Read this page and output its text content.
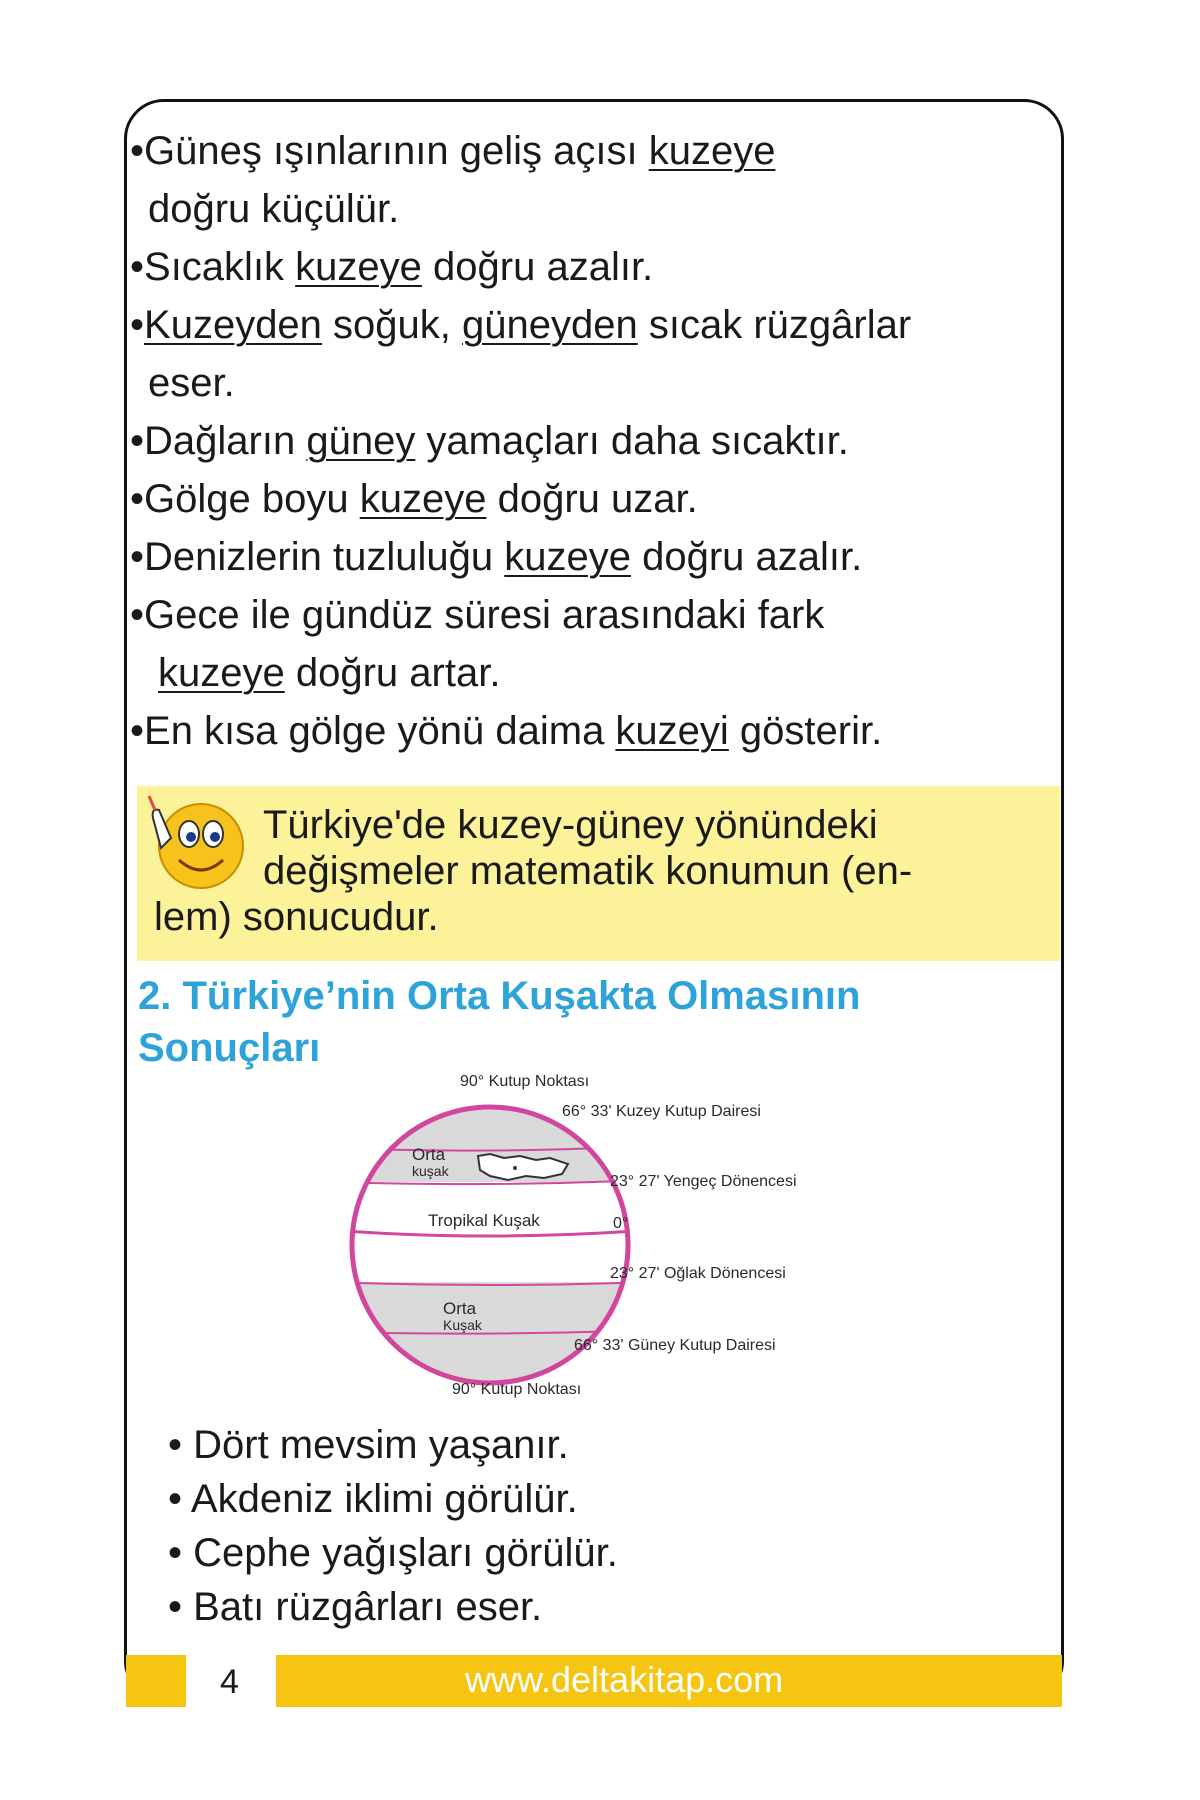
•Güneş ışınlarının geliş açısı kuzeye
doğru küçülür.
•Sıcaklık kuzeye doğru azalır.
•Kuzeyden soğuk, güneyden sıcak rüzgârlar
eser.
•Dağların güney yamaçları daha sıcaktır.
•Gölge boyu kuzeye doğru uzar.
•Denizlerin tuzluluğu kuzeye doğru azalır.
•Gece ile gündüz süresi arasındaki fark
kuzeye doğru artar.
•En kısa gölge yönü daima kuzeyi gösterir.
Türkiye'de kuzey-güney yönündeki
değişmeler matematik konumun (en-
lem) sonucudur.
2. Türkiye’nin Orta Kuşakta Olmasının
Sonuçları
Orta
kuşak
Tropikal Kuşak
Orta
Kuşak
90° Kutup Noktası
66° 33' Kuzey Kutup Dairesi
23° 27' Yengeç Dönencesi
0°
23° 27' Oğlak Dönencesi
66° 33' Güney Kutup Dairesi
90° Kutup Noktası
• Dört mevsim yaşanır.
• Akdeniz iklimi görülür.
• Cephe yağışları görülür.
• Batı rüzgârları eser.
4	www.deltakitap.com
